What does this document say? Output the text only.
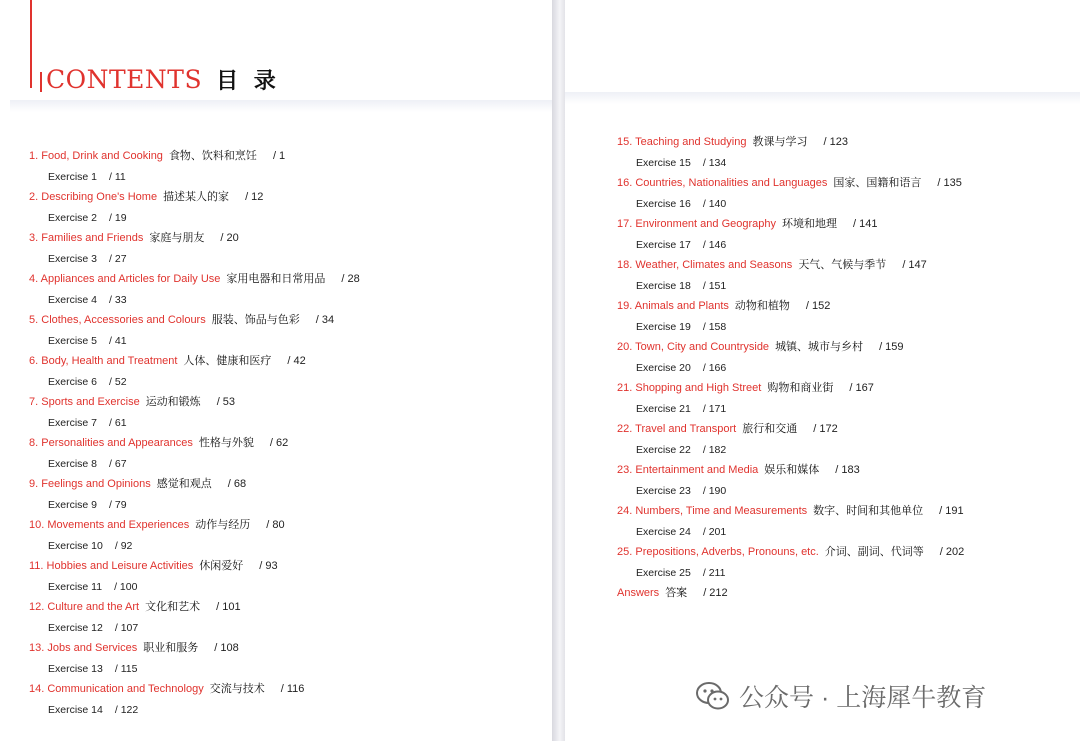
CONTENTS 目 录
1. Food, Drink and Cooking 食物、饮料和烹饪 / 1
Exercise 1 / 11
2. Describing One's Home 描述某人的家 / 12
Exercise 2 / 19
3. Families and Friends 家庭与朋友 / 20
Exercise 3 / 27
4. Appliances and Articles for Daily Use 家用电器和日常用品 / 28
Exercise 4 / 33
5. Clothes, Accessories and Colours 服装、饰品与色彩 / 34
Exercise 5 / 41
6. Body, Health and Treatment 人体、健康和医疗 / 42
Exercise 6 / 52
7. Sports and Exercise 运动和锻炼 / 53
Exercise 7 / 61
8. Personalities and Appearances 性格与外貌 / 62
Exercise 8 / 67
9. Feelings and Opinions 感觉和观点 / 68
Exercise 9 / 79
10. Movements and Experiences 动作与经历 / 80
Exercise 10 / 92
11. Hobbies and Leisure Activities 休闲爱好 / 93
Exercise 11 / 100
12. Culture and the Art 文化和艺术 / 101
Exercise 12 / 107
13. Jobs and Services 职业和服务 / 108
Exercise 13 / 115
14. Communication and Technology 交流与技术 / 116
Exercise 14 / 122
15. Teaching and Studying 教课与学习 / 123
Exercise 15 / 134
16. Countries, Nationalities and Languages 国家、国籍和语言 / 135
Exercise 16 / 140
17. Environment and Geography 环境和地理 / 141
Exercise 17 / 146
18. Weather, Climates and Seasons 天气、气候与季节 / 147
Exercise 18 / 151
19. Animals and Plants 动物和植物 / 152
Exercise 19 / 158
20. Town, City and Countryside 城镇、城市与乡村 / 159
Exercise 20 / 166
21. Shopping and High Street 购物和商业街 / 167
Exercise 21 / 171
22. Travel and Transport 旅行和交通 / 172
Exercise 22 / 182
23. Entertainment and Media 娱乐和媒体 / 183
Exercise 23 / 190
24. Numbers, Time and Measurements 数字、时间和其他单位 / 191
Exercise 24 / 201
25. Prepositions, Adverbs, Pronouns, etc. 介词、副词、代词等 / 202
Exercise 25 / 211
Answers 答案 / 212
公众号 · 上海犀牛教育
